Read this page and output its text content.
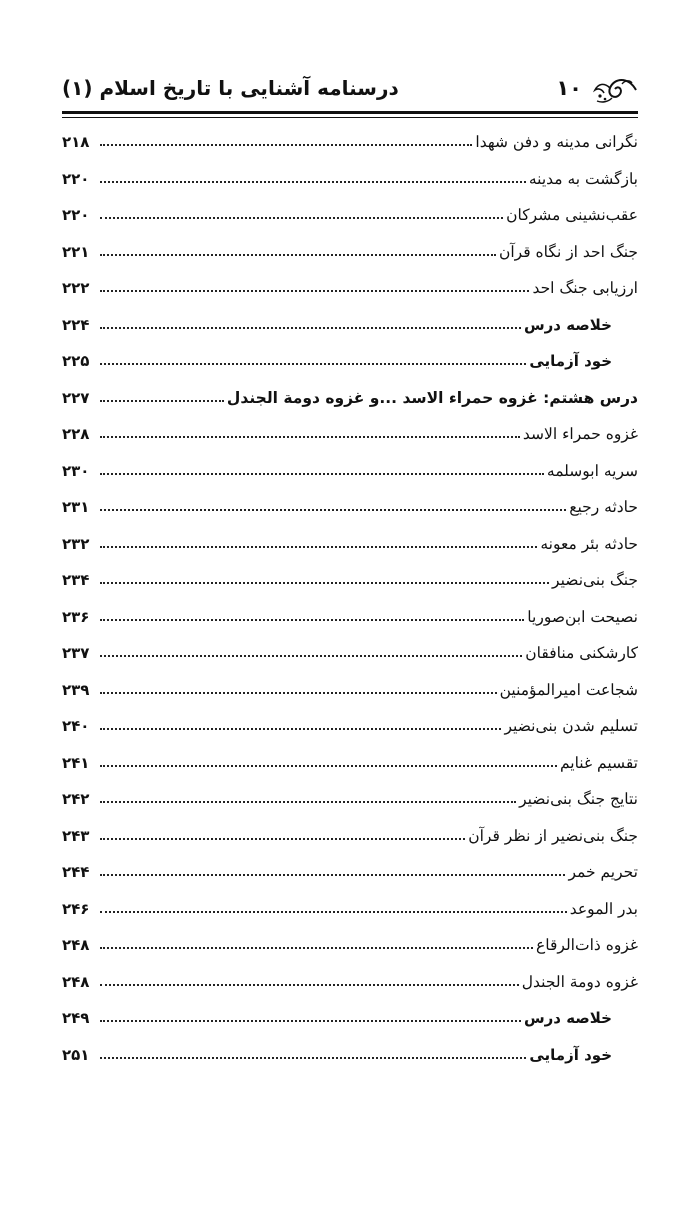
۱۰
درسنامه آشنایی با تاریخ اسلام (۱)
نگرانی مدینه و دفن شهدا
۲۱۸
بازگشت به مدینه
۲۲۰
عقب‌نشینی مشرکان
۲۲۰
جنگ احد از نگاه قرآن
۲۲۱
ارزیابی جنگ احد
۲۲۲
خلاصه درس
۲۲۴
خود آزمایی
۲۲۵
درس هشتم: غزوه حمراء الاسد ...و غزوه دومة الجندل
۲۲۷
غزوه حمراء الاسد
۲۲۸
سریه ابوسلمه
۲۳۰
حادثه رجیع
۲۳۱
حادثه بئر معونه
۲۳۲
جنگ بنی‌نضیر
۲۳۴
نصیحت ابن‌صوریا
۲۳۶
کارشکنی منافقان
۲۳۷
شجاعت امیرالمؤمنین
۲۳۹
تسلیم شدن بنی‌نضیر
۲۴۰
تقسیم غنایم
۲۴۱
نتایج جنگ بنی‌نضیر
۲۴۲
جنگ بنی‌نضیر از نظر قرآن
۲۴۳
تحریم خمر
۲۴۴
بدر الموعد
۲۴۶
غزوه ذات‌الرقاع
۲۴۸
غزوه دومة الجندل
۲۴۸
خلاصه درس
۲۴۹
خود آزمایی
۲۵۱
